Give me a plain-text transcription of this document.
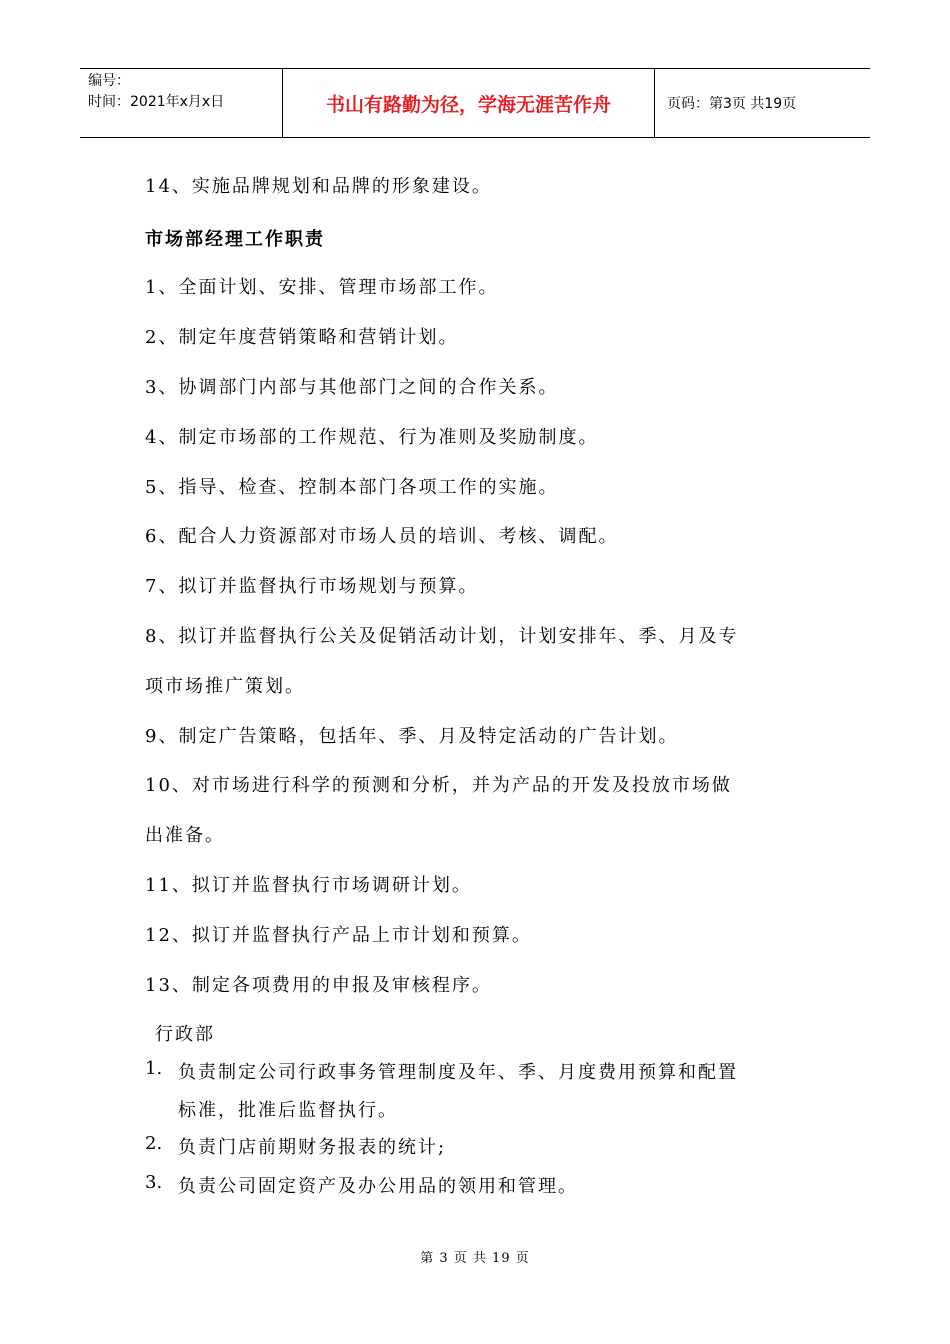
编号：
时间：2021年x月x日	书山有路勤为径，学海无涯苦作舟	页码：第3页 共19页
14、实施品牌规划和品牌的形象建设。
市场部经理工作职责
1、全面计划、安排、管理市场部工作。
2、制定年度营销策略和营销计划。
3、协调部门内部与其他部门之间的合作关系。
4、制定市场部的工作规范、行为准则及奖励制度。
5、指导、检查、控制本部门各项工作的实施。
6、配合人力资源部对市场人员的培训、考核、调配。
7、拟订并监督执行市场规划与预算。
8、拟订并监督执行公关及促销活动计划，计划安排年、季、月及专
项市场推广策划。
9、制定广告策略，包括年、季、月及特定活动的广告计划。
10、对市场进行科学的预测和分析，并为产品的开发及投放市场做
出准备。
11、拟订并监督执行市场调研计划。
12、拟订并监督执行产品上市计划和预算。
13、制定各项费用的申报及审核程序。
行政部
1. 负责制定公司行政事务管理制度及年、季、月度费用预算和配置
标准，批准后监督执行。
2. 负责门店前期财务报表的统计;
3. 负责公司固定资产及办公用品的领用和管理。
第 3 页 共 19 页
